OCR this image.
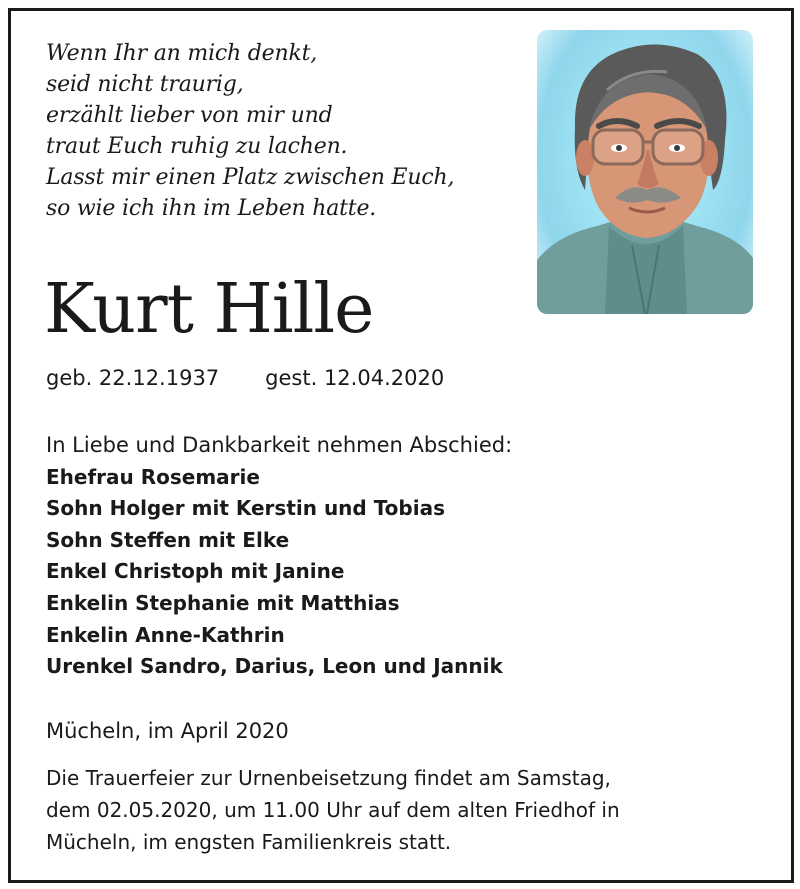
Wenn Ihr an mich denkt,
seid nicht traurig,
erzählt lieber von mir und
traut Euch ruhig zu lachen.
Lasst mir einen Platz zwischen Euch,
so wie ich ihn im Leben hatte.
Kurt Hille
geb. 22.12.1937 gest. 12.04.2020
In Liebe und Dankbarkeit nehmen Abschied:
Ehefrau Rosemarie
Sohn Holger mit Kerstin und Tobias
Sohn Steffen mit Elke
Enkel Christoph mit Janine
Enkelin Stephanie mit Matthias
Enkelin Anne-Kathrin
Urenkel Sandro, Darius, Leon und Jannik
Mücheln, im April 2020
Die Trauerfeier zur Urnenbeisetzung findet am Samstag,
dem 02.05.2020, um 11.00 Uhr auf dem alten Friedhof in
Mücheln, im engsten Familienkreis statt.
